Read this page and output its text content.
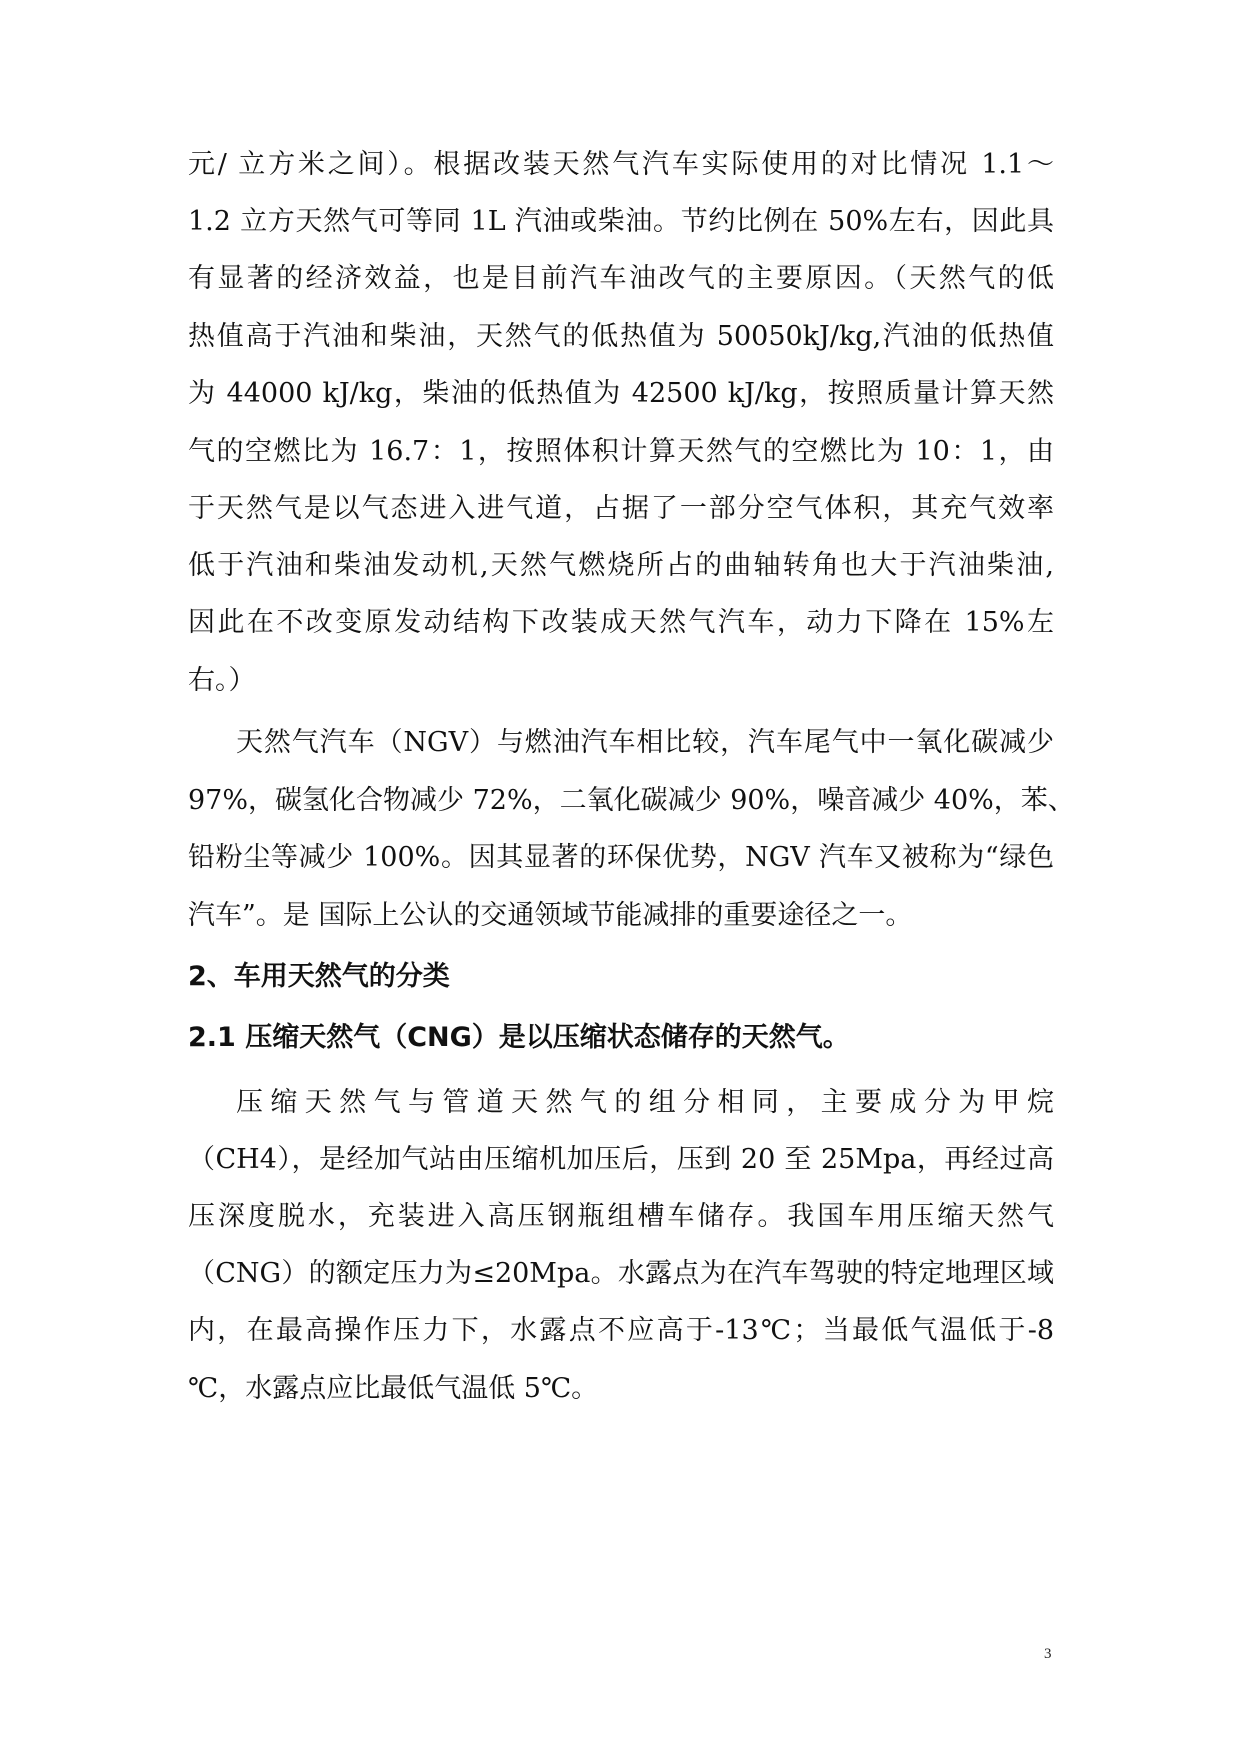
元/ 立方米之间）。根据改装天然气汽车实际使用的对比情况 1.1～
1.2 立方天然气可等同 1L 汽油或柴油。节约比例在 50%左右，因此具
有显著的经济效益，也是目前汽车油改气的主要原因。（天然气的低
热值高于汽油和柴油，天然气的低热值为 50050kJ/kg,汽油的低热值
为 44000 kJ/kg，柴油的低热值为 42500 kJ/kg，按照质量计算天然
气的空燃比为 16.7：1，按照体积计算天然气的空燃比为 10：1，由
于天然气是以气态进入进气道，占据了一部分空气体积，其充气效率
低于汽油和柴油发动机,天然气燃烧所占的曲轴转角也大于汽油柴油,
因此在不改变原发动结构下改装成天然气汽车，动力下降在 15%左
右。）
天然气汽车（NGV）与燃油汽车相比较，汽车尾气中一氧化碳减少
97%，碳氢化合物减少 72%，二氧化碳减少 90%，噪音减少 40%，苯、
铅粉尘等减少 100%。因其显著的环保优势，NGV 汽车又被称为“绿色
汽车”。是 国际上公认的交通领域节能减排的重要途径之一。
2、车用天然气的分类
2.1 压缩天然气（CNG）是以压缩状态储存的天然气。
压缩天然气与管道天然气的组分相同，主要成分为甲烷
（CH4），是经加气站由压缩机加压后，压到 20 至 25Mpa，再经过高
压深度脱水，充装进入高压钢瓶组槽车储存。我国车用压缩天然气
（CNG）的额定压力为≤20Mpa。水露点为在汽车驾驶的特定地理区域
内，在最高操作压力下，水露点不应高于-13℃；当最低气温低于-8
℃，水露点应比最低气温低 5℃。
3
